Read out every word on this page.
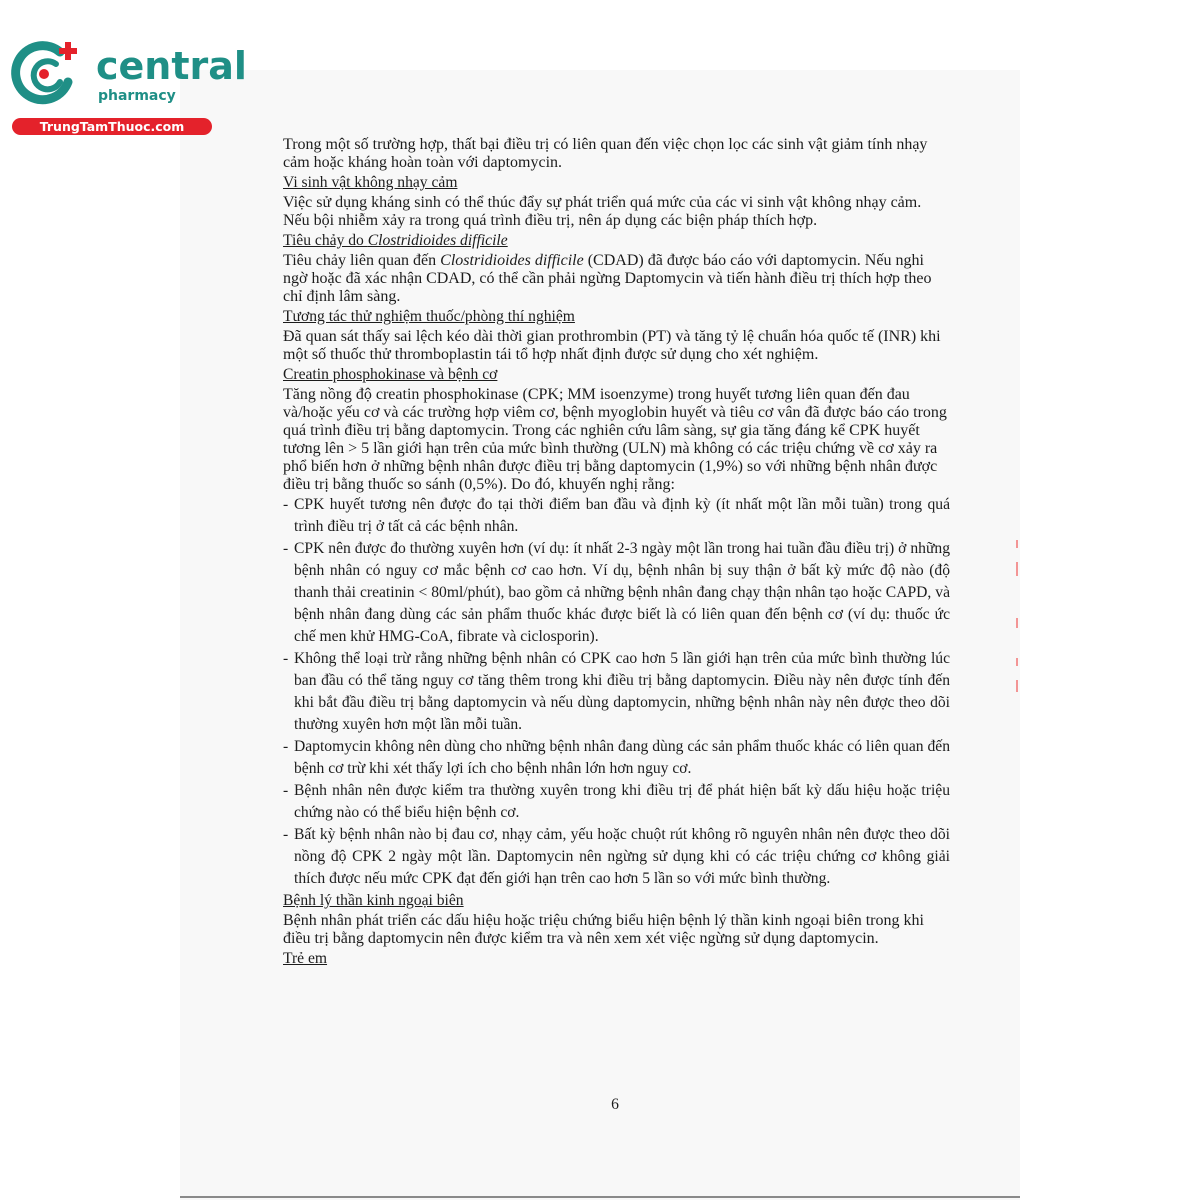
central
pharmacy
TrungTamThuoc.com
Trong một số trường hợp, thất bại điều trị có liên quan đến việc chọn lọc các sinh vật giảm tính nhạy cảm hoặc kháng hoàn toàn với daptomycin.
Vi sinh vật không nhạy cảm
Việc sử dụng kháng sinh có thể thúc đẩy sự phát triển quá mức của các vi sinh vật không nhạy cảm. Nếu bội nhiễm xảy ra trong quá trình điều trị, nên áp dụng các biện pháp thích hợp.
Tiêu chảy do Clostridioides difficile
Tiêu chảy liên quan đến Clostridioides difficile (CDAD) đã được báo cáo với daptomycin. Nếu nghi ngờ hoặc đã xác nhận CDAD, có thể cần phải ngừng Daptomycin và tiến hành điều trị thích hợp theo chỉ định lâm sàng.
Tương tác thử nghiệm thuốc/phòng thí nghiệm
Đã quan sát thấy sai lệch kéo dài thời gian prothrombin (PT) và tăng tỷ lệ chuẩn hóa quốc tế (INR) khi một số thuốc thử thromboplastin tái tổ hợp nhất định được sử dụng cho xét nghiệm.
Creatin phosphokinase và bệnh cơ
Tăng nồng độ creatin phosphokinase (CPK; MM isoenzyme) trong huyết tương liên quan đến đau và/hoặc yếu cơ và các trường hợp viêm cơ, bệnh myoglobin huyết và tiêu cơ vân đã được báo cáo trong quá trình điều trị bằng daptomycin. Trong các nghiên cứu lâm sàng, sự gia tăng đáng kể CPK huyết tương lên > 5 lần giới hạn trên của mức bình thường (ULN) mà không có các triệu chứng về cơ xảy ra phổ biến hơn ở những bệnh nhân được điều trị bằng daptomycin (1,9%) so với những bệnh nhân được điều trị bằng thuốc so sánh (0,5%). Do đó, khuyến nghị rằng:
- CPK huyết tương nên được đo tại thời điểm ban đầu và định kỳ (ít nhất một lần mỗi tuần) trong quá trình điều trị ở tất cả các bệnh nhân.
- CPK nên được đo thường xuyên hơn (ví dụ: ít nhất 2-3 ngày một lần trong hai tuần đầu điều trị) ở những bệnh nhân có nguy cơ mắc bệnh cơ cao hơn. Ví dụ, bệnh nhân bị suy thận ở bất kỳ mức độ nào (độ thanh thải creatinin < 80ml/phút), bao gồm cả những bệnh nhân đang chạy thận nhân tạo hoặc CAPD, và bệnh nhân đang dùng các sản phẩm thuốc khác được biết là có liên quan đến bệnh cơ (ví dụ: thuốc ức chế men khử HMG-CoA, fibrate và ciclosporin).
- Không thể loại trừ rằng những bệnh nhân có CPK cao hơn 5 lần giới hạn trên của mức bình thường lúc ban đầu có thể tăng nguy cơ tăng thêm trong khi điều trị bằng daptomycin. Điều này nên được tính đến khi bắt đầu điều trị bằng daptomycin và nếu dùng daptomycin, những bệnh nhân này nên được theo dõi thường xuyên hơn một lần mỗi tuần.
- Daptomycin không nên dùng cho những bệnh nhân đang dùng các sản phẩm thuốc khác có liên quan đến bệnh cơ trừ khi xét thấy lợi ích cho bệnh nhân lớn hơn nguy cơ.
- Bệnh nhân nên được kiểm tra thường xuyên trong khi điều trị để phát hiện bất kỳ dấu hiệu hoặc triệu chứng nào có thể biểu hiện bệnh cơ.
- Bất kỳ bệnh nhân nào bị đau cơ, nhạy cảm, yếu hoặc chuột rút không rõ nguyên nhân nên được theo dõi nồng độ CPK 2 ngày một lần. Daptomycin nên ngừng sử dụng khi có các triệu chứng cơ không giải thích được nếu mức CPK đạt đến giới hạn trên cao hơn 5 lần so với mức bình thường.
Bệnh lý thần kinh ngoại biên
Bệnh nhân phát triển các dấu hiệu hoặc triệu chứng biểu hiện bệnh lý thần kinh ngoại biên trong khi điều trị bằng daptomycin nên được kiểm tra và nên xem xét việc ngừng sử dụng daptomycin.
Trẻ em
6
